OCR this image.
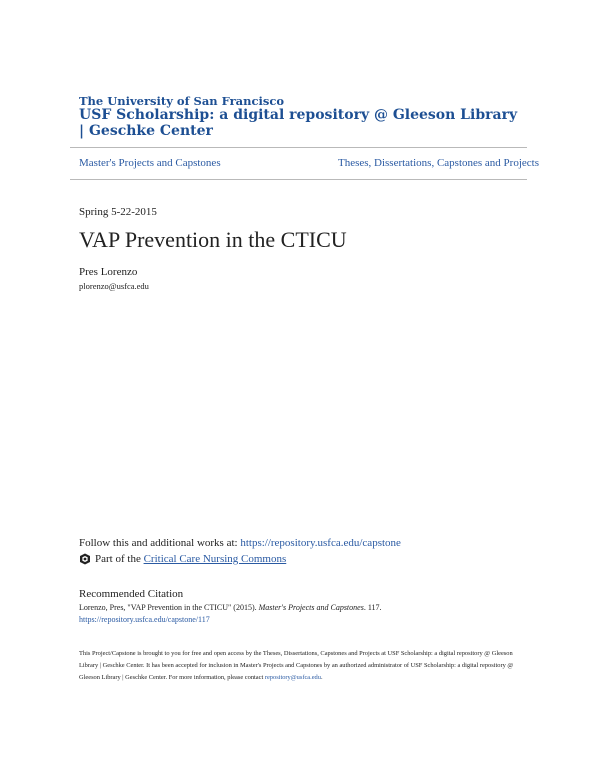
The University of San Francisco
USF Scholarship: a digital repository @ Gleeson Library | Geschke Center
Master's Projects and Capstones	Theses, Dissertations, Capstones and Projects
Spring 5-22-2015
VAP Prevention in the CTICU
Pres Lorenzo
plorenzo@usfca.edu
Follow this and additional works at: https://repository.usfca.edu/capstone
Part of the
Critical Care Nursing Commons
Recommended Citation
Lorenzo, Pres, "VAP Prevention in the CTICU" (2015). Master's Projects and Capstones. 117.
https://repository.usfca.edu/capstone/117
This Project/Capstone is brought to you for free and open access by the Theses, Dissertations, Capstones and Projects at USF Scholarship: a digital repository @ Gleeson Library | Geschke Center. It has been accepted for inclusion in Master's Projects and Capstones by an authorized administrator of USF Scholarship: a digital repository @ Gleeson Library | Geschke Center. For more information, please contact repository@usfca.edu.
